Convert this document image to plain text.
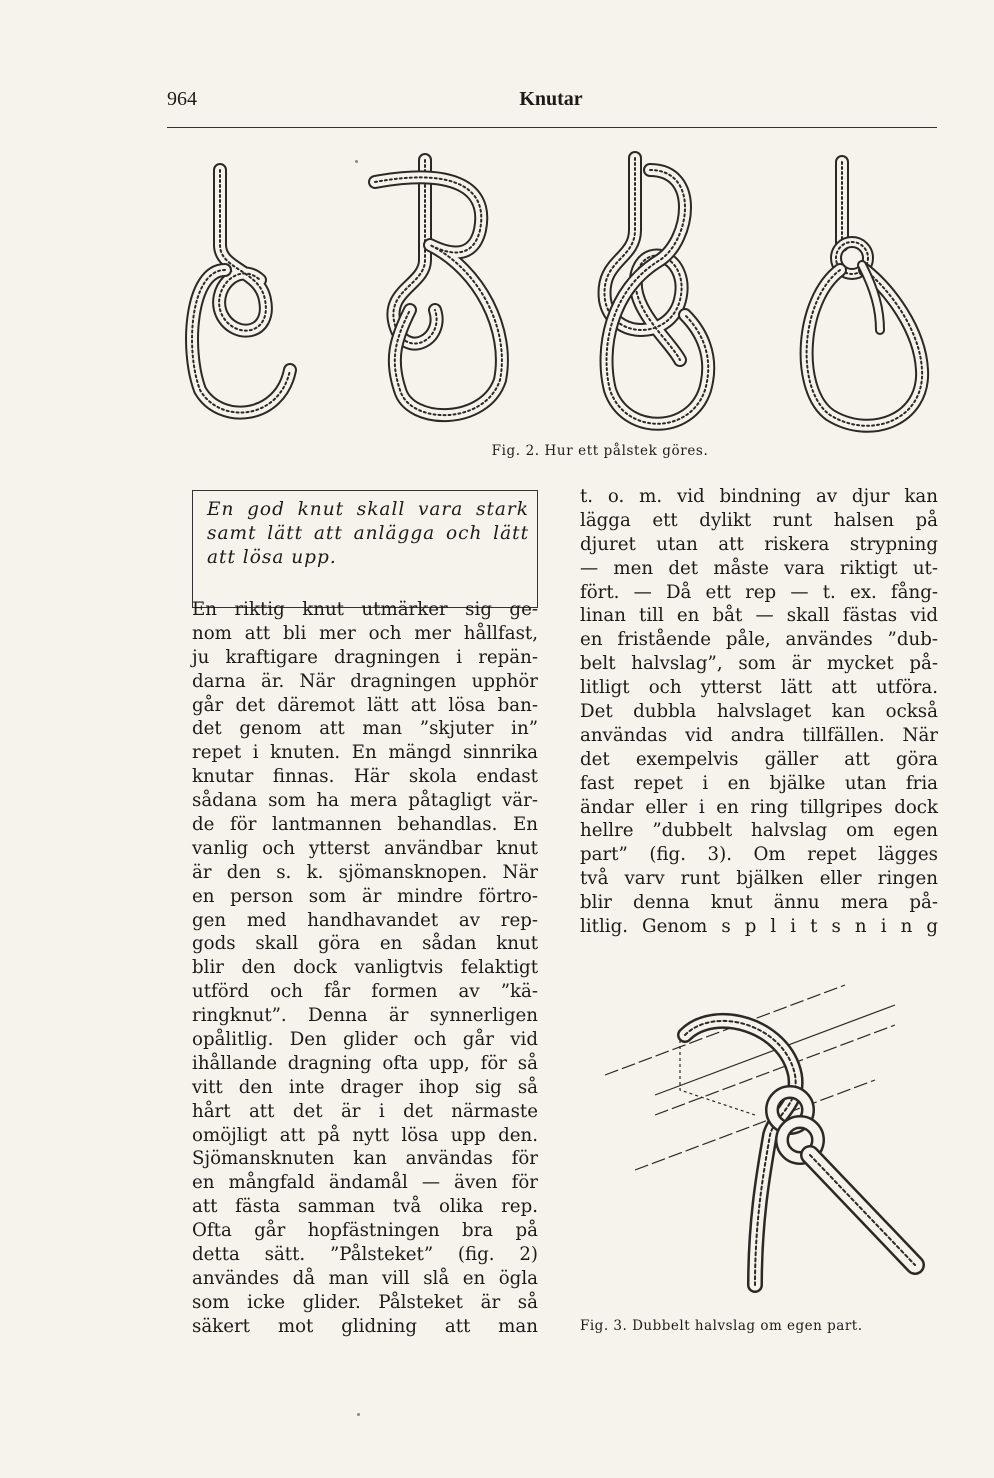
964	Knutar
Fig. 2. Hur ett pålstek göres.
En god knut skall vara stark
samt lätt att anlägga och lätt
att lösa upp.
En riktig knut utmärker sig ge-
nom att bli mer och mer hållfast,
ju kraftigare dragningen i repän-
darna är. När dragningen upphör
går det däremot lätt att lösa ban-
det genom att man ”skjuter in”
repet i knuten. En mängd sinnrika
knutar finnas. Här skola endast
sådana som ha mera påtagligt vär-
de för lantmannen behandlas. En
vanlig och ytterst användbar knut
är den s. k. sjömansknopen. När
en person som är mindre förtro-
gen med handhavandet av rep-
gods skall göra en sådan knut
blir den dock vanligtvis felaktigt
utförd och får formen av ”kä-
ringknut”. Denna är synnerligen
opålitlig. Den glider och går vid
ihållande dragning ofta upp, för så
vitt den inte drager ihop sig så
hårt att det är i det närmaste
omöjligt att på nytt lösa upp den.
Sjömansknuten kan användas för
en mångfald ändamål — även för
att fästa samman två olika rep.
Ofta går hopfästningen bra på
detta sätt. ”Pålsteket” (fig. 2)
användes då man vill slå en ögla
som icke glider. Pålsteket är så
säkert mot glidning att man
t. o. m. vid bindning av djur kan
lägga ett dylikt runt halsen på
djuret utan att riskera strypning
— men det måste vara riktigt ut-
fört. — Då ett rep — t. ex. fång-
linan till en båt — skall fästas vid
en fristående påle, användes ”dub-
belt halvslag”, som är mycket på-
litligt och ytterst lätt att utföra.
Det dubbla halvslaget kan också
användas vid andra tillfällen. När
det exempelvis gäller att göra
fast repet i en bjälke utan fria
ändar eller i en ring tillgripes dock
hellre ”dubbelt halvslag om egen
part” (fig. 3). Om repet lägges
två varv runt bjälken eller ringen
blir denna knut ännu mera på-
litlig. Genom s p l i t s n i n g
Fig. 3. Dubbelt halvslag om egen part.
